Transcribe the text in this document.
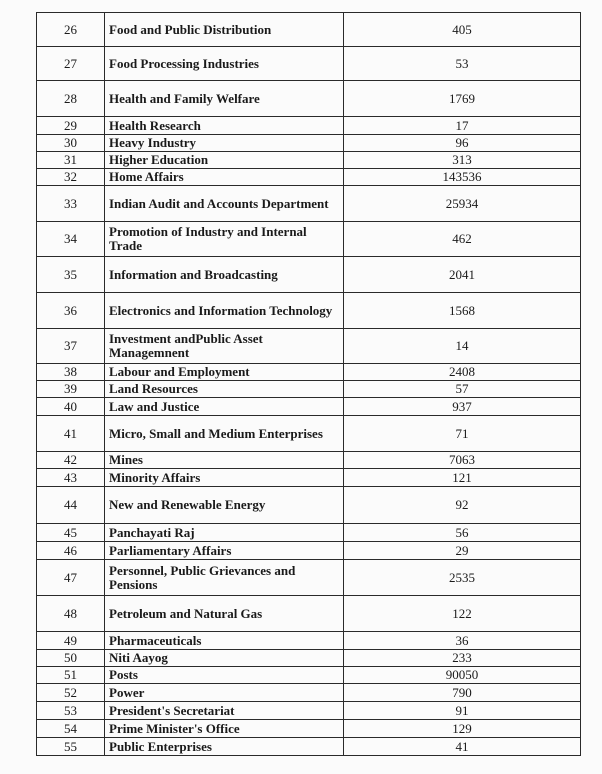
26	Food and Public Distribution	405
27	Food Processing Industries	53
28	Health and Family Welfare	1769
29	Health Research	17
30	Heavy Industry	96
31	Higher Education	313
32	Home Affairs	143536
33	Indian Audit and Accounts Department	25934
34	Promotion of Industry and Internal Trade	462
35	Information and Broadcasting	2041
36	Electronics and Information Technology	1568
37	Investment andPublic Asset Managemnent	14
38	Labour and Employment	2408
39	Land Resources	57
40	Law and Justice	937
41	Micro, Small and Medium Enterprises	71
42	Mines	7063
43	Minority Affairs	121
44	New and Renewable Energy	92
45	Panchayati Raj	56
46	Parliamentary Affairs	29
47	Personnel, Public Grievances and Pensions	2535
48	Petroleum and Natural Gas	122
49	Pharmaceuticals	36
50	Niti Aayog	233
51	Posts	90050
52	Power	790
53	President's Secretariat	91
54	Prime Minister's Office	129
55	Public Enterprises	41
